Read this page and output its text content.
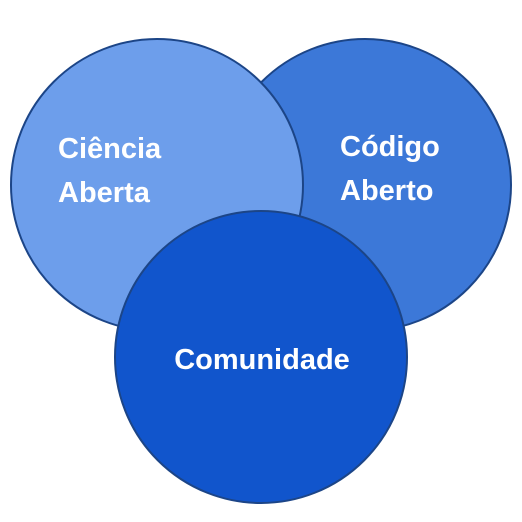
Ciência
Aberta
Código
Aberto
Comunidade
